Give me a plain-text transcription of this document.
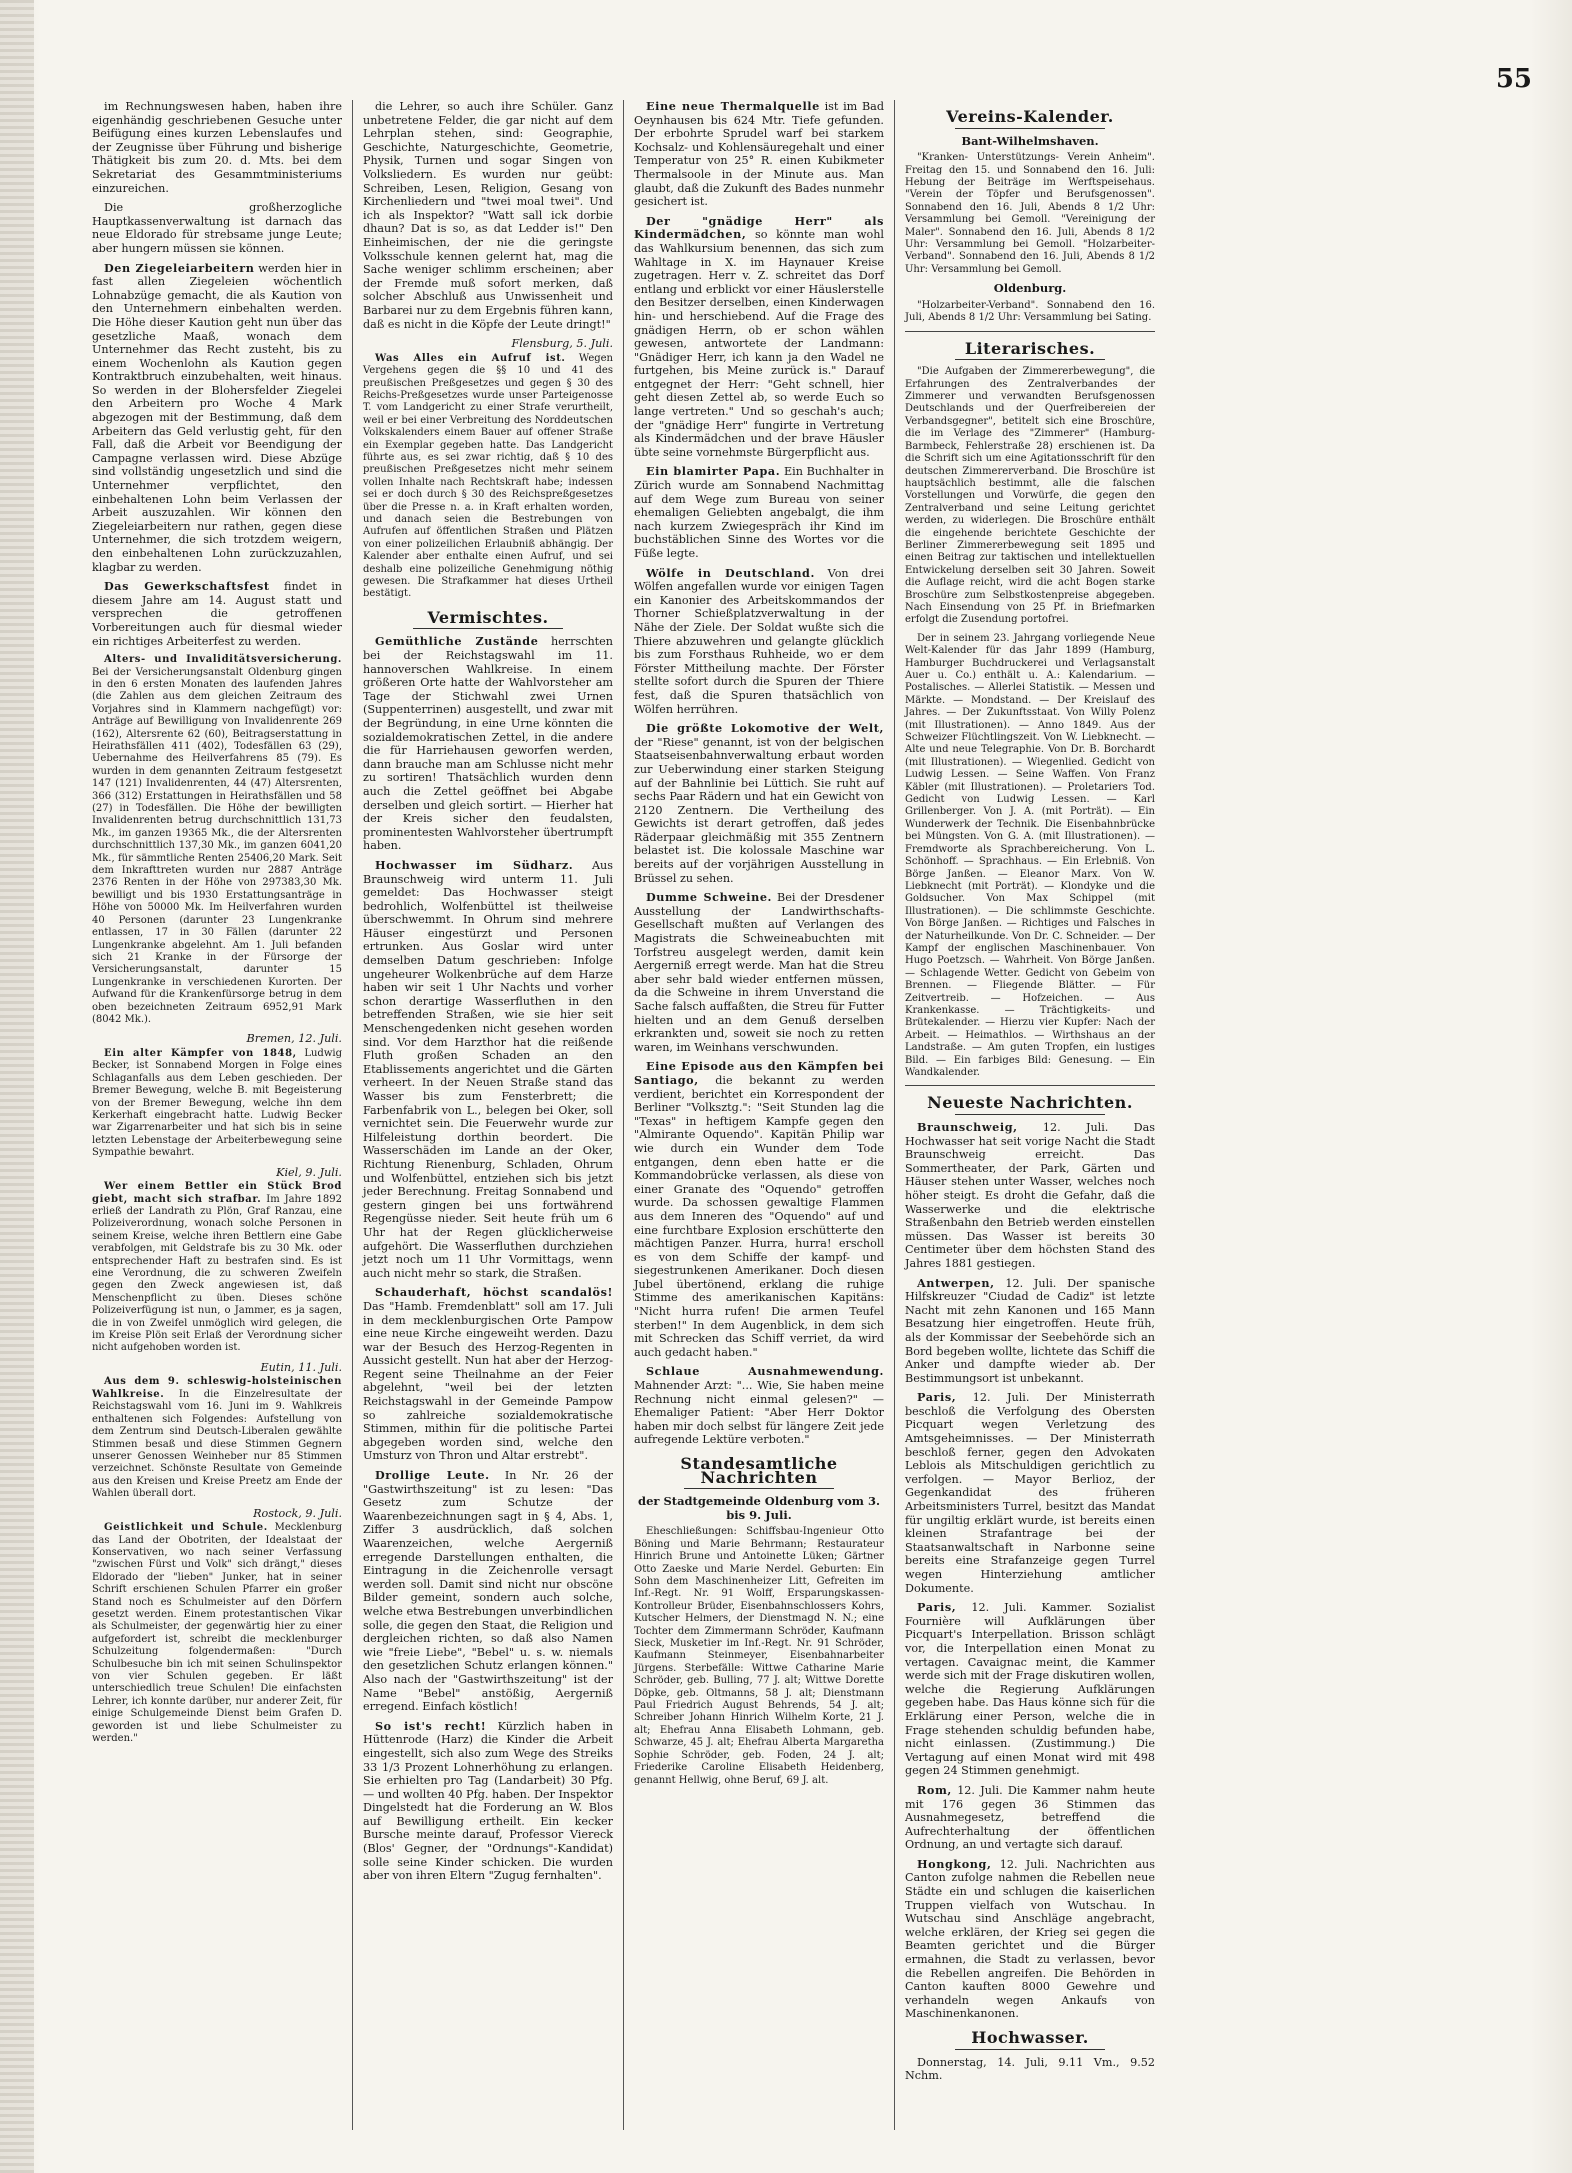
55

im Rechnungswesen haben, haben ihre eigenhändig geschriebenen Gesuche unter Beifügung eines kurzen Lebenslaufes und der Zeugnisse über Führung und bisherige Thätigkeit bis zum 20. d. Mts. bei dem Sekretariat des Gesammtministeriums einzureichen.

Die großherzogliche Hauptkassenverwaltung ist darnach das neue Eldorado für strebsame junge Leute; aber hungern müssen sie können.

Den Ziegeleiarbeitern werden hier in fast allen Ziegeleien wöchentlich Lohnabzüge gemacht, die als Kaution von den Unternehmern einbehalten werden. Die Höhe dieser Kaution geht nun über das gesetzliche Maaß, wonach dem Unternehmer das Recht zusteht, bis zu einem Wochenlohn als Kaution gegen Kontraktbruch einzubehalten, weit hinaus. So werden in der Blohersfelder Ziegelei den Arbeitern pro Woche 4 Mark abgezogen mit der Bestimmung, daß dem Arbeitern das Geld verlustig geht, für den Fall, daß die Arbeit vor Beendigung der Campagne verlassen wird. Diese Abzüge sind vollständig ungesetzlich und sind die Unternehmer verpflichtet, den einbehaltenen Lohn beim Verlassen der Arbeit auszuzahlen. Wir können den Ziegeleiarbeitern nur rathen, gegen diese Unternehmer, die sich trotzdem weigern, den einbehaltenen Lohn zurückzuzahlen, klagbar zu werden.

Das Gewerkschaftsfest findet in diesem Jahre am 14. August statt und versprechen die getroffenen Vorbereitungen auch für diesmal wieder ein richtiges Arbeiterfest zu werden.

Alters- und Invaliditätsversicherung. Bei der Versicherungsanstalt Oldenburg gingen in den 6 ersten Monaten des laufenden Jahres (die Zahlen aus dem gleichen Zeitraum des Vorjahres sind in Klammern nachgefügt) vor: Anträge auf Bewilligung von Invalidenrente 269 (162), Altersrente 62 (60), Beitragserstattung in Heirathsfällen 411 (402), Todesfällen 63 (29), Uebernahme des Heilverfahrens 85 (79). Es wurden in dem genannten Zeitraum festgesetzt 147 (121) Invalidenrenten, 44 (47) Altersrenten, 366 (312) Erstattungen in Heirathsfällen und 58 (27) in Todesfällen. Die Höhe der bewilligten Invalidenrenten betrug durchschnittlich 131,73 Mk., im ganzen 19365 Mk., die der Altersrenten durchschnittlich 137,30 Mk., im ganzen 6041,20 Mk., für sämmtliche Renten 25406,20 Mark. Seit dem Inkrafttreten wurden nur 2887 Anträge 2376 Renten in der Höhe von 297383,30 Mk. bewilligt und bis 1930 Erstattungsanträge in Höhe von 50000 Mk. Im Heilverfahren wurden 40 Personen (darunter 23 Lungenkranke entlassen, 17 in 30 Fällen (darunter 22 Lungenkranke abgelehnt. Am 1. Juli befanden sich 21 Kranke in der Fürsorge der Versicherungsanstalt, darunter 15 Lungenkranke in verschiedenen Kurorten. Der Aufwand für die Krankenfürsorge betrug in dem oben bezeichneten Zeitraum 6952,91 Mark (8042 Mk.).

Bremen, 12. Juli.

Ein alter Kämpfer von 1848, Ludwig Becker, ist Sonnabend Morgen in Folge eines Schlaganfalls aus dem Leben geschieden. Der Bremer Bewegung, welche B. mit Begeisterung von der Bremer Bewegung, welche ihn dem Kerkerhaft eingebracht hatte. Ludwig Becker war Zigarrenarbeiter und hat sich bis in seine letzten Lebenstage der Arbeiterbewegung seine Sympathie bewahrt.

Kiel, 9. Juli.

Wer einem Bettler ein Stück Brod giebt, macht sich strafbar. Im Jahre 1892 erließ der Landrath zu Plön, Graf Ranzau, eine Polizeiverordnung, wonach solche Personen in seinem Kreise, welche ihren Bettlern eine Gabe verabfolgen, mit Geldstrafe bis zu 30 Mk. oder entsprechender Haft zu bestrafen sind. Es ist eine Verordnung, die zu schweren Zweifeln gegen den Zweck angewiesen ist, daß Menschenpflicht zu üben. Dieses schöne Polizeiverfügung ist nun, o Jammer, es ja sagen, die in von Zweifel unmöglich wird gelegen, die im Kreise Plön seit Erlaß der Verordnung sicher nicht aufgehoben worden ist.

Eutin, 11. Juli.

Aus dem 9. schleswig-holsteinischen Wahlkreise. In die Einzelresultate der Reichstagswahl vom 16. Juni im 9. Wahlkreis enthaltenen sich Folgendes: Aufstellung von dem Zentrum sind Deutsch-Liberalen gewählte Stimmen besaß und diese Stimmen Gegnern unserer Genossen Weinheber nur 85 Stimmen verzeichnet. Schönste Resultate von Gemeinde aus den Kreisen und Kreise Preetz am Ende der Wahlen überall dort.

Rostock, 9. Juli.

Geistlichkeit und Schule. Mecklenburg das Land der Obotriten, der Idealstaat der Konservativen, wo nach seiner Verfassung "zwischen Fürst und Volk" sich drängt," dieses Eldorado der "lieben" Junker, hat in seiner Schrift erschienen Schulen Pfarrer ein großer Stand noch es Schulmeister auf den Dörfern gesetzt werden. Einem protestantischen Vikar als Schulmeister, der gegenwärtig hier zu einer aufgefordert ist, schreibt die mecklenburger Schulzeitung folgendermaßen: "Durch Schulbesuche bin ich mit seinen Schulinspektor von vier Schulen gegeben. Er läßt unterschiedlich treue Schulen! Die einfachsten Lehrer, ich konnte darüber, nur anderer Zeit, für einige Schulgemeinde Dienst beim Grafen D. geworden ist und liebe Schulmeister zu werden."

die Lehrer, so auch ihre Schüler. Ganz unbetretene Felder, die gar nicht auf dem Lehrplan stehen, sind: Geographie, Geschichte, Naturgeschichte, Geometrie, Physik, Turnen und sogar Singen von Volksliedern. Es wurden nur geübt: Schreiben, Lesen, Religion, Gesang von Kirchenliedern und "twei moal twei". Und ich als Inspektor? "Watt sall ick dorbie dhaun? Dat is so, as dat Ledder is!" Den Einheimischen, der nie die geringste Volksschule kennen gelernt hat, mag die Sache weniger schlimm erscheinen; aber der Fremde muß sofort merken, daß solcher Abschluß aus Unwissenheit und Barbarei nur zu dem Ergebnis führen kann, daß es nicht in die Köpfe der Leute dringt!"

Flensburg, 5. Juli.

Was Alles ein Aufruf ist. Wegen Vergehens gegen die §§ 10 und 41 des preußischen Preßgesetzes und gegen § 30 des Reichs-Preßgesetzes wurde unser Parteigenosse T. vom Landgericht zu einer Strafe verurtheilt, weil er bei einer Verbreitung des Norddeutschen Volkskalenders einem Bauer auf offener Straße ein Exemplar gegeben hatte. Das Landgericht führte aus, es sei zwar richtig, daß § 10 des preußischen Preßgesetzes nicht mehr seinem vollen Inhalte nach Rechtskraft habe; indessen sei er doch durch § 30 des Reichspreßgesetzes über die Presse n. a. in Kraft erhalten worden, und danach seien die Bestrebungen von Aufrufen auf öffentlichen Straßen und Plätzen von einer polizeilichen Erlaubniß abhängig. Der Kalender aber enthalte einen Aufruf, und sei deshalb eine polizeiliche Genehmigung nöthig gewesen. Die Strafkammer hat dieses Urtheil bestätigt.

Vermischtes.

Gemüthliche Zustände herrschten bei der Reichstagswahl im 11. hannoverschen Wahlkreise. In einem größeren Orte hatte der Wahlvorsteher am Tage der Stichwahl zwei Urnen (Suppenterrinen) ausgestellt, und zwar mit der Begründung, in eine Urne könnten die sozialdemokratischen Zettel, in die andere die für Harriehausen geworfen werden, dann brauche man am Schlusse nicht mehr zu sortiren! Thatsächlich wurden denn auch die Zettel geöffnet bei Abgabe derselben und gleich sortirt. — Hierher hat der Kreis sicher den feudalsten, prominentesten Wahlvorsteher übertrumpft haben.

Hochwasser im Südharz. Aus Braunschweig wird unterm 11. Juli gemeldet: Das Hochwasser steigt bedrohlich, Wolfenbüttel ist theilweise überschwemmt. In Ohrum sind mehrere Häuser eingestürzt und Personen ertrunken. Aus Goslar wird unter demselben Datum geschrieben: Infolge ungeheurer Wolkenbrüche auf dem Harze haben wir seit 1 Uhr Nachts und vorher schon derartige Wasserfluthen in den betreffenden Straßen, wie sie hier seit Menschengedenken nicht gesehen worden sind. Vor dem Harzthor hat die reißende Fluth großen Schaden an den Etablissements angerichtet und die Gärten verheert. In der Neuen Straße stand das Wasser bis zum Fensterbrett; die Farbenfabrik von L., belegen bei Oker, soll vernichtet sein. Die Feuerwehr wurde zur Hilfeleistung dorthin beordert. Die Wasserschäden im Lande an der Oker, Richtung Rienenburg, Schladen, Ohrum und Wolfenbüttel, entziehen sich bis jetzt jeder Berechnung. Freitag Sonnabend und gestern gingen bei uns fortwährend Regengüsse nieder. Seit heute früh um 6 Uhr hat der Regen glücklicherweise aufgehört. Die Wasserfluthen durchziehen jetzt noch um 11 Uhr Vormittags, wenn auch nicht mehr so stark, die Straßen.

Schauderhaft, höchst scandalös! Das "Hamb. Fremdenblatt" soll am 17. Juli in dem mecklenburgischen Orte Pampow eine neue Kirche eingeweiht werden. Dazu war der Besuch des Herzog-Regenten in Aussicht gestellt. Nun hat aber der Herzog-Regent seine Theilnahme an der Feier abgelehnt, "weil bei der letzten Reichstagswahl in der Gemeinde Pampow so zahlreiche sozialdemokratische Stimmen, mithin für die politische Partei abgegeben worden sind, welche den Umsturz von Thron und Altar erstrebt".

Drollige Leute. In Nr. 26 der "Gastwirthszeitung" ist zu lesen: "Das Gesetz zum Schutze der Waarenbezeichnungen sagt in § 4, Abs. 1, Ziffer 3 ausdrücklich, daß solchen Waarenzeichen, welche Aergerniß erregende Darstellungen enthalten, die Eintragung in die Zeichenrolle versagt werden soll. Damit sind nicht nur obscöne Bilder gemeint, sondern auch solche, welche etwa Bestrebungen unverbindlichen solle, die gegen den Staat, die Religion und dergleichen richten, so daß also Namen wie "freie Liebe", "Bebel" u. s. w. niemals den gesetzlichen Schutz erlangen können." Also nach der "Gastwirthszeitung" ist der Name "Bebel" anstößig, Aergerniß erregend. Einfach köstlich!

So ist's recht! Kürzlich haben in Hüttenrode (Harz) die Kinder die Arbeit eingestellt, sich also zum Wege des Streiks 33 1/3 Prozent Lohnerhöhung zu erlangen. Sie erhielten pro Tag (Landarbeit) 30 Pfg. — und wollten 40 Pfg. haben. Der Inspektor Dingelstedt hat die Forderung an W. Blos auf Bewilligung ertheilt. Ein kecker Bursche meinte darauf, Professor Viereck (Blos' Gegner, der "Ordnungs"-Kandidat) solle seine Kinder schicken. Die wurden aber von ihren Eltern "Zugug fernhalten".

Eine neue Thermalquelle ist im Bad Oeynhausen bis 624 Mtr. Tiefe gefunden. Der erbohrte Sprudel warf bei starkem Kochsalz- und Kohlensäuregehalt und einer Temperatur von 25° R. einen Kubikmeter Thermalsoole in der Minute aus. Man glaubt, daß die Zukunft des Bades nunmehr gesichert ist.

Der "gnädige Herr" als Kindermädchen, so könnte man wohl das Wahlkursium benennen, das sich zum Wahltage in X. im Haynauer Kreise zugetragen. Herr v. Z. schreitet das Dorf entlang und erblickt vor einer Häuslerstelle den Besitzer derselben, einen Kinderwagen hin- und herschiebend. Auf die Frage des gnädigen Herrn, ob er schon wählen gewesen, antwortete der Landmann: "Gnädiger Herr, ich kann ja den Wadel ne furtgehen, bis Meine zurück is." Darauf entgegnet der Herr: "Geht schnell, hier geht diesen Zettel ab, so werde Euch so lange vertreten." Und so geschah's auch; der "gnädige Herr" fungirte in Vertretung als Kindermädchen und der brave Häusler übte seine vornehmste Bürgerpflicht aus.

Ein blamirter Papa. Ein Buchhalter in Zürich wurde am Sonnabend Nachmittag auf dem Wege zum Bureau von seiner ehemaligen Geliebten angebalgt, die ihm nach kurzem Zwiegespräch ihr Kind im buchstäblichen Sinne des Wortes vor die Füße legte.

Wölfe in Deutschland. Von drei Wölfen angefallen wurde vor einigen Tagen ein Kanonier des Arbeitskommandos der Thorner Schießplatzverwaltung in der Nähe der Ziele. Der Soldat wußte sich die Thiere abzuwehren und gelangte glücklich bis zum Forsthaus Ruhheide, wo er dem Förster Mittheilung machte. Der Förster stellte sofort durch die Spuren der Thiere fest, daß die Spuren thatsächlich von Wölfen herrühren.

Die größte Lokomotive der Welt, der "Riese" genannt, ist von der belgischen Staatseisenbahnverwaltung erbaut worden zur Ueberwindung einer starken Steigung auf der Bahnlinie bei Lüttich. Sie ruht auf sechs Paar Rädern und hat ein Gewicht von 2120 Zentnern. Die Vertheilung des Gewichts ist derart getroffen, daß jedes Räderpaar gleichmäßig mit 355 Zentnern belastet ist. Die kolossale Maschine war bereits auf der vorjährigen Ausstellung in Brüssel zu sehen.

Dumme Schweine. Bei der Dresdener Ausstellung der Landwirthschafts-Gesellschaft mußten auf Verlangen des Magistrats die Schweineabuchten mit Torfstreu ausgelegt werden, damit kein Aergerniß erregt werde. Man hat die Streu aber sehr bald wieder entfernen müssen, da die Schweine in ihrem Unverstand die Sache falsch auffaßten, die Streu für Futter hielten und an dem Genuß derselben erkrankten und, soweit sie noch zu retten waren, im Weinhans verschwunden.

Eine Episode aus den Kämpfen bei Santiago, die bekannt zu werden verdient, berichtet ein Korrespondent der Berliner "Volksztg.": "Seit Stunden lag die "Texas" in heftigem Kampfe gegen den "Almirante Oquendo". Kapitän Philip war wie durch ein Wunder dem Tode entgangen, denn eben hatte er die Kommandobrücke verlassen, als diese von einer Granate des "Oquendo" getroffen wurde. Da schossen gewaltige Flammen aus dem Inneren des "Oquendo" auf und eine furchtbare Explosion erschütterte den mächtigen Panzer. Hurra, hurra! erscholl es von dem Schiffe der kampf- und siegestrunkenen Amerikaner. Doch diesen Jubel übertönend, erklang die ruhige Stimme des amerikanischen Kapitäns: "Nicht hurra rufen! Die armen Teufel sterben!" In dem Augenblick, in dem sich mit Schrecken das Schiff verriet, da wird auch gedacht haben."

Schlaue Ausnahmewendung. Mahnender Arzt: "... Wie, Sie haben meine Rechnung nicht einmal gelesen?" — Ehemaliger Patient: "Aber Herr Doktor haben mir doch selbst für längere Zeit jede aufregende Lektüre verboten."

Standesamtliche Nachrichten
der Stadtgemeinde Oldenburg vom 3. bis 9. Juli.

Eheschließungen: Schiffsbau-Ingenieur Otto Böning und Marie Behrmann; Restaurateur Hinrich Brune und Antoinette Lüken; Gärtner Otto Zaeske und Marie Nerdel. Geburten: Ein Sohn dem Maschinenheizer Litt, Gefreiten im Inf.-Regt. Nr. 91 Wolff, Ersparungskassen-Kontrolleur Brüder, Eisenbahnschlossers Kohrs, Kutscher Helmers, der Dienstmagd N. N.; eine Tochter dem Zimmermann Schröder, Kaufmann Sieck, Musketier im Inf.-Regt. Nr. 91 Schröder, Kaufmann Steinmeyer, Eisenbahnarbeiter Jürgens. Sterbefälle: Wittwe Catharine Marie Schröder, geb. Bulling, 77 J. alt; Wittwe Dorette Döpke, geb. Oltmanns, 58 J. alt; Dienstmann Paul Friedrich August Behrends, 54 J. alt; Schreiber Johann Hinrich Wilhelm Korte, 21 J. alt; Ehefrau Anna Elisabeth Lohmann, geb. Schwarze, 45 J. alt; Ehefrau Alberta Margaretha Sophie Schröder, geb. Foden, 24 J. alt; Friederike Caroline Elisabeth Heidenberg, genannt Hellwig, ohne Beruf, 69 J. alt.

Vereins-Kalender.
Bant-Wilhelmshaven.

"Kranken- Unterstützungs- Verein Anheim". Freitag den 15. und Sonnabend den 16. Juli: Hebung der Beiträge im Werftspeisehaus. "Verein der Töpfer und Berufsgenossen". Sonnabend den 16. Juli, Abends 8 1/2 Uhr: Versammlung bei Gemoll. "Vereinigung der Maler". Sonnabend den 16. Juli, Abends 8 1/2 Uhr: Versammlung bei Gemoll. "Holzarbeiter-Verband". Sonnabend den 16. Juli, Abends 8 1/2 Uhr: Versammlung bei Gemoll.

Oldenburg.

"Holzarbeiter-Verband". Sonnabend den 16. Juli, Abends 8 1/2 Uhr: Versammlung bei Sating.

Literarisches.

"Die Aufgaben der Zimmererbewegung", die Erfahrungen des Zentralverbandes der Zimmerer und verwandten Berufsgenossen Deutschlands und der Querfreibereien der Verbandsgegner", betitelt sich eine Broschüre, die im Verlage des "Zimmerer" (Hamburg-Barmbeck, Fehlerstraße 28) erschienen ist. Da die Schrift sich um eine Agitationsschrift für den deutschen Zimmererverband. Die Broschüre ist hauptsächlich bestimmt, alle die falschen Vorstellungen und Vorwürfe, die gegen den Zentralverband und seine Leitung gerichtet werden, zu widerlegen. Die Broschüre enthält die eingehende berichtete Geschichte der Berliner Zimmererbewegung seit 1895 und einen Beitrag zur taktischen und intellektuellen Entwickelung derselben seit 30 Jahren. Soweit die Auflage reicht, wird die acht Bogen starke Broschüre zum Selbstkostenpreise abgegeben. Nach Einsendung von 25 Pf. in Briefmarken erfolgt die Zusendung portofrei.

Der in seinem 23. Jahrgang vorliegende Neue Welt-Kalender für das Jahr 1899 (Hamburg, Hamburger Buchdruckerei und Verlagsanstalt Auer u. Co.) enthält u. A.: Kalendarium. — Postalisches. — Allerlei Statistik. — Messen und Märkte. — Mondstand. — Der Kreislauf des Jahres. — Der Zukunftsstaat. Von Willy Polenz (mit Illustrationen). — Anno 1849. Aus der Schweizer Flüchtlingszeit. Von W. Liebknecht. — Alte und neue Telegraphie. Von Dr. B. Borchardt (mit Illustrationen). — Wiegenlied. Gedicht von Ludwig Lessen. — Seine Waffen. Von Franz Käbler (mit Illustrationen). — Proletariers Tod. Gedicht von Ludwig Lessen. — Karl Grillenberger. Von J. A. (mit Porträt). — Ein Wunderwerk der Technik. Die Eisenbahnbrücke bei Müngsten. Von G. A. (mit Illustrationen). — Fremdworte als Sprachbereicherung. Von L. Schönhoff. — Sprachhaus. — Ein Erlebniß. Von Börge Janßen. — Eleanor Marx. Von W. Liebknecht (mit Porträt). — Klondyke und die Goldsucher. Von Max Schippel (mit Illustrationen). — Die schlimmste Geschichte. Von Börge Janßen. — Richtiges und Falsches in der Naturheilkunde. Von Dr. C. Schneider. — Der Kampf der englischen Maschinenbauer. Von Hugo Poetzsch. — Wahrheit. Von Börge Janßen. — Schlagende Wetter. Gedicht von Gebeim von Brennen. — Fliegende Blätter. — Für Zeitvertreib. — Hofzeichen. — Aus Krankenkasse. — Trächtigkeits- und Brütekalender. — Hierzu vier Kupfer: Nach der Arbeit. — Heimathlos. — Wirthshaus an der Landstraße. — Am guten Tropfen, ein lustiges Bild. — Ein farbiges Bild: Genesung. — Ein Wandkalender.

Neueste Nachrichten.

Braunschweig, 12. Juli. Das Hochwasser hat seit vorige Nacht die Stadt Braunschweig erreicht. Das Sommertheater, der Park, Gärten und Häuser stehen unter Wasser, welches noch höher steigt. Es droht die Gefahr, daß die Wasserwerke und die elektrische Straßenbahn den Betrieb werden einstellen müssen. Das Wasser ist bereits 30 Centimeter über dem höchsten Stand des Jahres 1881 gestiegen.

Antwerpen, 12. Juli. Der spanische Hilfskreuzer "Ciudad de Cadiz" ist letzte Nacht mit zehn Kanonen und 165 Mann Besatzung hier eingetroffen. Heute früh, als der Kommissar der Seebehörde sich an Bord begeben wollte, lichtete das Schiff die Anker und dampfte wieder ab. Der Bestimmungsort ist unbekannt.

Paris, 12. Juli. Der Ministerrath beschloß die Verfolgung des Obersten Picquart wegen Verletzung des Amtsgeheimnisses. — Der Ministerrath beschloß ferner, gegen den Advokaten Leblois als Mitschuldigen gerichtlich zu verfolgen. — Mayor Berlioz, der Gegenkandidat des früheren Arbeitsministers Turrel, besitzt das Mandat für ungiltig erklärt wurde, ist bereits einen kleinen Strafantrage bei der Staatsanwaltschaft in Narbonne seine bereits eine Strafanzeige gegen Turrel wegen Hinterziehung amtlicher Dokumente.

Paris, 12. Juli. Kammer. Sozialist Fournière will Aufklärungen über Picquart's Interpellation. Brisson schlägt vor, die Interpellation einen Monat zu vertagen. Cavaignac meint, die Kammer werde sich mit der Frage diskutiren wollen, welche die Regierung Aufklärungen gegeben habe. Das Haus könne sich für die Erklärung einer Person, welche die in Frage stehenden schuldig befunden habe, nicht einlassen. (Zustimmung.) Die Vertagung auf einen Monat wird mit 498 gegen 24 Stimmen genehmigt.

Rom, 12. Juli. Die Kammer nahm heute mit 176 gegen 36 Stimmen das Ausnahmegesetz, betreffend die Aufrechterhaltung der öffentlichen Ordnung, an und vertagte sich darauf.

Hongkong, 12. Juli. Nachrichten aus Canton zufolge nahmen die Rebellen neue Städte ein und schlugen die kaiserlichen Truppen vielfach von Wutschau. In Wutschau sind Anschläge angebracht, welche erklären, der Krieg sei gegen die Beamten gerichtet und die Bürger ermahnen, die Stadt zu verlassen, bevor die Rebellen angreifen. Die Behörden in Canton kauften 8000 Gewehre und verhandeln wegen Ankaufs von Maschinenkanonen.

Hochwasser.

Donnerstag, 14. Juli, 9.11 Vm., 9.52 Nchm.
